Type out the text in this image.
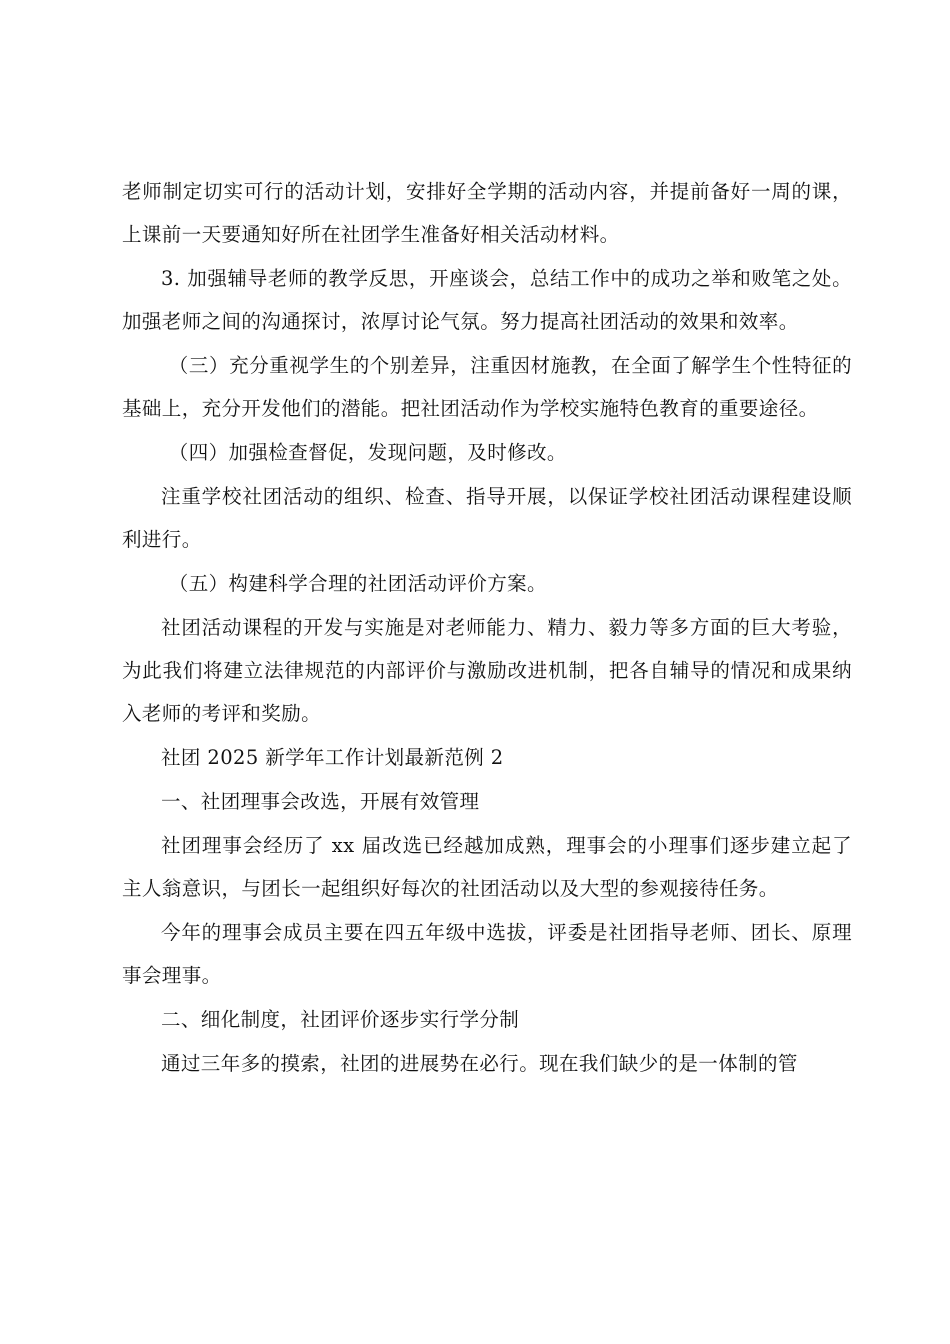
老师制定切实可行的活动计划，安排好全学期的活动内容，并提前备好一周的课，上课前一天要通知好所在社团学生准备好相关活动材料。

3. 加强辅导老师的教学反思，开座谈会，总结工作中的成功之举和败笔之处。加强老师之间的沟通探讨，浓厚讨论气氛。努力提高社团活动的效果和效率。

（三）充分重视学生的个别差异，注重因材施教，在全面了解学生个性特征的基础上，充分开发他们的潜能。把社团活动作为学校实施特色教育的重要途径。

（四）加强检查督促，发现问题，及时修改。

注重学校社团活动的组织、检查、指导开展，以保证学校社团活动课程建设顺利进行。

（五）构建科学合理的社团活动评价方案。

社团活动课程的开发与实施是对老师能力、精力、毅力等多方面的巨大考验，为此我们将建立法律规范的内部评价与激励改进机制，把各自辅导的情况和成果纳入老师的考评和奖励。

社团 2025 新学年工作计划最新范例 2

一、社团理事会改选，开展有效管理

社团理事会经历了 xx 届改选已经越加成熟，理事会的小理事们逐步建立起了主人翁意识，与团长一起组织好每次的社团活动以及大型的参观接待任务。

今年的理事会成员主要在四五年级中选拔，评委是社团指导老师、团长、原理事会理事。

二、细化制度，社团评价逐步实行学分制

通过三年多的摸索，社团的进展势在必行。现在我们缺少的是一体制的管
